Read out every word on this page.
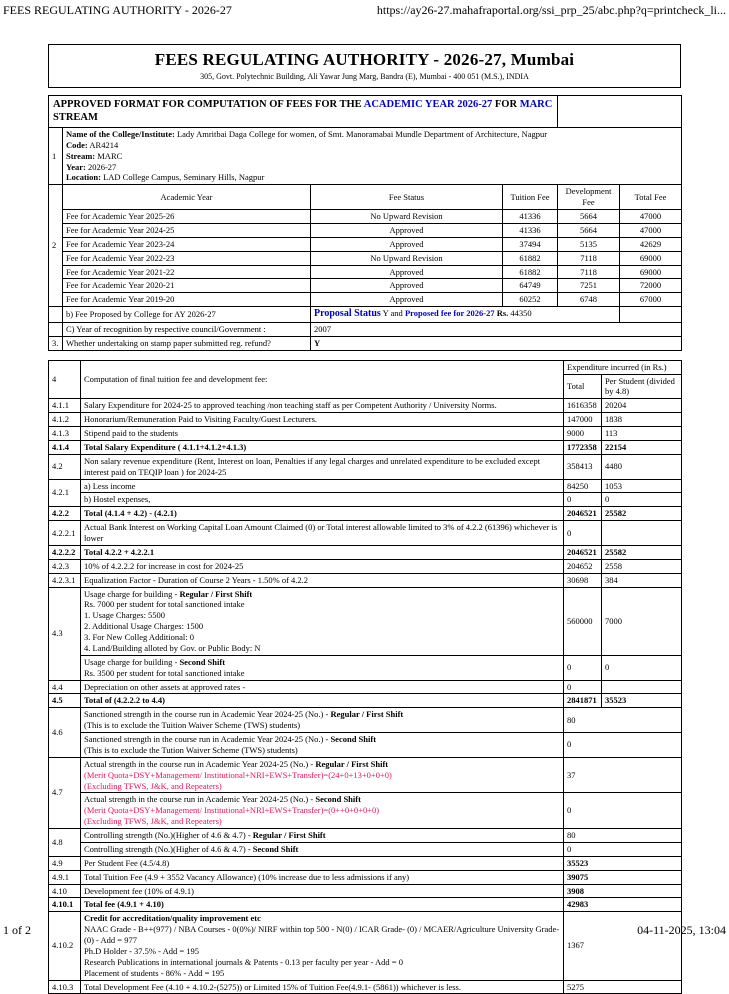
FEES REGULATING AUTHORITY - 2026-27	https://ay26-27.mahafraportal.org/ssi_prp_25/abc.php?q=printcheck_li...
FEES REGULATING AUTHORITY - 2026-27, Mumbai
305, Govt. Polytechnic Building, Ali Yawar Jung Marg, Bandra (E), Mumbai - 400 051 (M.S.), INDIA
APPROVED FORMAT FOR COMPUTATION OF FEES FOR THE ACADEMIC YEAR 2026-27 FOR MARC STREAM					
1	Name of the College/Institute: Lady Amritbai Daga College for women, of Smt. Manoramabai Mundle Department of Architecture, Nagpur
Code: AR4214
Stream: MARC
Year: 2026-27
Location: LAD College Campus, Seminary Hills, Nagpur				

2	Academic Year	Fee Status	Tuition Fee	Development Fee	Total Fee
	Fee for Academic Year 2025-26	No Upward Revision	41336	5664	47000
	Fee for Academic Year 2024-25	Approved	41336	5664	47000
	Fee for Academic Year 2023-24	Approved	37494	5135	42629
	Fee for Academic Year 2022-23	No Upward Revision	61882	7118	69000
	Fee for Academic Year 2021-22	Approved	61882	7118	69000
	Fee for Academic Year 2020-21	Approved	64749	7251	72000
	Fee for Academic Year 2019-20	Approved	60252	6748	67000
	b) Fee Proposed by College for AY 2026-27	Proposal Status Y and Proposed fee for 2026-27 Rs. 44350			
	C) Year of recognition by respective council/Government :	2007			
3.	Whether undertaking on stamp paper submitted reg. refund?	Y			
4	Computation of final tuition fee and development fee:	Expenditure incurred (in Rs.)	
		Total	Per Student (divided by 4.8)
4.1.1	Salary Expenditure for 2024-25 to approved teaching /non teaching staff as per Competent Authority / University Norms.	1616358	20204
4.1.2	Honorarium/Remuneration Paid to Visiting Faculty/Guest Lecturers.	147000	1838
4.1.3	Stipend paid to the students	9000	113
4.1.4	Total Salary Expenditure ( 4.1.1+4.1.2+4.1.3)	1772358	22154
4.2	Non salary revenue expenditure (Rent, Interest on loan, Penalties if any legal charges and unrelated expenditure to be excluded except interest paid on TEQIP loan ) for 2024-25	358413	4480
4.2.1	a) Less income	84250	1053
	b) Hostel expenses,	0	0
4.2.2	Total (4.1.4 + 4.2) - (4.2.1)	2046521	25582
4.2.2.1	Actual Bank Interest on Working Capital Loan Amount Claimed (0) or Total interest allowable limited to 3% of 4.2.2 (61396) whichever is lower	0	
4.2.2.2	Total 4.2.2 + 4.2.2.1	2046521	25582
4.2.3	10% of 4.2.2.2 for increase in cost for 2024-25	204652	2558
4.2.3.1	Equalization Factor - Duration of Course 2 Years - 1.50% of 4.2.2	30698	384
4.3	
Usage charge for building - Regular / First Shift
Rs. 7000 per student for total sanctioned intake
1. Usage Charges: 5500
2. Additional Usage Charges: 1500
3. For New Colleg Additional: 0
4. Land/Building alloted by Gov. or Public Body: N
	560000	7000

	Usage charge for building - Second Shift
Rs. 3500 per student for total sanctioned intake	0	0
4.4	Depreciation on other assets at approved rates -	0	
4.5	Total of (4.2.2.2 to 4.4)	2841871	35523
4.6	Sanctioned strength in the course run in Academic Year 2024-25 (No.) - Regular / First Shift
(This is to exclude the Tuition Waiver Scheme (TWS) students)	80	

	Sanctioned strength in the course run in Academic Year 2024-25 (No.) - Second Shift
(This is to exclude the Tution Waiver Scheme (TWS) students)	0	
4.7	Actual strength in the course run in Academic Year 2024-25 (No.) - Regular / First Shift
(Merit Quota+DSY+Management/ Institutional+NRI+EWS+Transfer)=(24+0+13+0+0+0)
(Excluding TFWS, J&K, and Repeaters)	37	

	Actual strength in the course run in Academic Year 2024-25 (No.) - Second Shift
(Merit Quota+DSY+Management/ Institutional+NRI+EWS+Transfer)=(0++0+0+0+0)
(Excluding TFWS, J&K, and Repeaters)	0	
4.8	Controlling strength (No.)(Higher of 4.6 & 4.7) - Regular / First Shift	80	
	Controlling strength (No.)(Higher of 4.6 & 4.7) - Second Shift	0	
4.9	Per Student Fee (4.5/4.8)	35523	
4.9.1	Total Tuition Fee (4.9 + 3552 Vacancy Allowance) (10% increase due to less admissions if any)	39075	
4.10	Development fee (10% of 4.9.1)	3908	
4.10.1	Total fee (4.9.1 + 4.10)	42983	
4.10.2	Credit for accreditation/quality improvement etc
NAAC Grade - B++(977) / NBA Courses - 0(0%)/ NIRF within top 500 - N(0) / ICAR Grade- (0) / MCAER/Agriculture University Grade- (0) - Add = 977
Ph.D Holder - 37.5% - Add = 195
Research Publications in international journals & Patents - 0.13 per faculty per year - Add = 0
Placement of students - 86% - Add = 195	1367	
4.10.3	Total Development Fee (4.10 + 4.10.2-(5275)) or Limited 15% of Tuition Fee(4.9.1- (5861)) whichever is less.	5275	
1 of 2	04-11-2025, 13:04
